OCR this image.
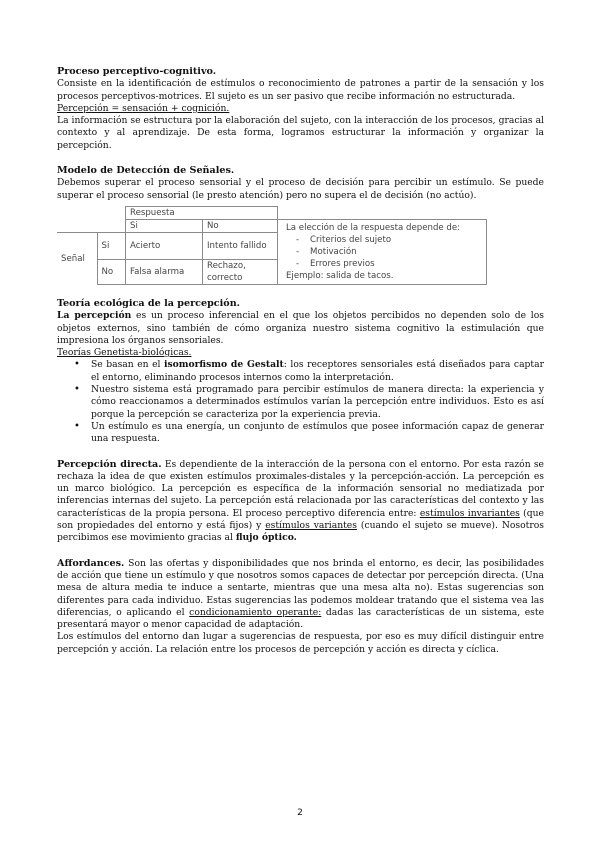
Proceso perceptivo-cognitivo.

Consiste en la identificación de estímulos o reconocimiento de patrones a partir de la sensación y los procesos perceptivos-motrices. El sujeto es un ser pasivo que recibe información no estructurada.

Percepción = sensación + cognición.

La información se estructura por la elaboración del sujeto, con la interacción de los procesos, gracias al contexto y al aprendizaje. De esta forma, logramos estructurar la información y organizar la percepción.

Modelo de Detección de Señales.

Debemos superar el proceso sensorial y el proceso de decisión para percibir un estímulo. Se puede superar el proceso sensorial (le presto atención) pero no supera el de decisión (no actúo).

		Respuesta		
		Si	No	La elección de la respuesta depende de:
-    Criterios del sujeto
-    Motivación
-    Errores previos
Ejemplo: salida de tacos.

Señal	Si	Acierto	Intento fallido	
	No	Falsa alarma	Rechazo, correcto	

Teoría ecológica de la percepción.

La percepción es un proceso inferencial en el que los objetos percibidos no dependen solo de los objetos externos, sino también de cómo organiza nuestro sistema cognitivo la estimulación que impresiona los órganos sensoriales.

Teorías Genetista-biológicas.

• Se basan en el isomorfismo de Gestalt: los receptores sensoriales está diseñados para captar el entorno, eliminando procesos internos como la interpretación.
• Nuestro sistema está programado para percibir estímulos de manera directa: la experiencia y cómo reaccionamos a determinados estímulos varían la percepción entre individuos. Esto es así porque la percepción se caracteriza por la experiencia previa.
• Un estímulo es una energía, un conjunto de estímulos que posee información capaz de generar una respuesta.

Percepción directa. Es dependiente de la interacción de la persona con el entorno. Por esta razón se rechaza la idea de que existen estímulos proximales-distales y la percepción-acción. La percepción es un marco biológico. La percepción es específica de la información sensorial no mediatizada por inferencias internas del sujeto. La percepción está relacionada por las características del contexto y las características de la propia persona. El proceso perceptivo diferencia entre: estímulos invariantes (que son propiedades del entorno y está fijos) y estímulos variantes (cuando el sujeto se mueve). Nosotros percibimos ese movimiento gracias al flujo óptico.

Affordances. Son las ofertas y disponibilidades que nos brinda el entorno, es decir, las posibilidades de acción que tiene un estímulo y que nosotros somos capaces de detectar por percepción directa. (Una mesa de altura media te induce a sentarte, mientras que una mesa alta no). Estas sugerencias son diferentes para cada individuo. Estas sugerencias las podemos moldear tratando que el sistema vea las diferencias, o aplicando el condicionamiento operante: dadas las características de un sistema, este presentará mayor o menor capacidad de adaptación.

Los estímulos del entorno dan lugar a sugerencias de respuesta, por eso es muy difícil distinguir entre percepción y acción. La relación entre los procesos de percepción y acción es directa y cíclica.

2
